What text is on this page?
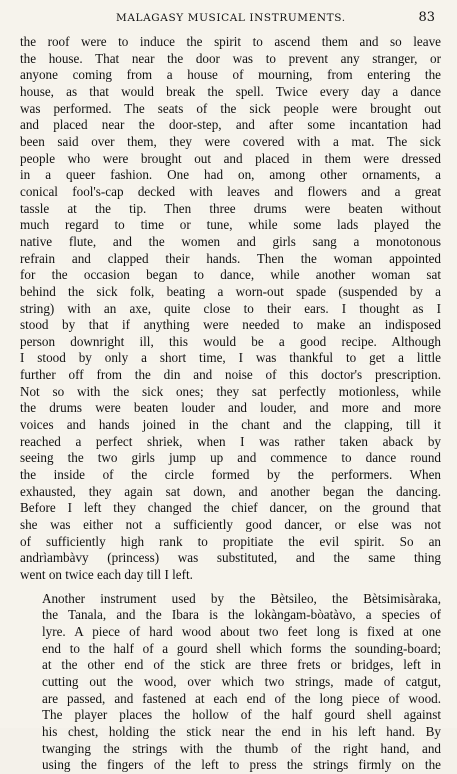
MALAGASY MUSICAL INSTRUMENTS.	83

the roof were to induce the spirit to ascend them and so leave
the house. That near the door was to prevent any stranger, or
anyone coming from a house of mourning, from entering the
house, as that would break the spell. Twice every day a dance
was performed. The seats of the sick people were brought out
and placed near the door-step, and after some incantation had
been said over them, they were covered with a mat. The sick
people who were brought out and placed in them were dressed
in a queer fashion. One had on, among other ornaments, a
conical fool's-cap decked with leaves and flowers and a great
tassle at the tip. Then three drums were beaten without
much regard to time or tune, while some lads played the
native flute, and the women and girls sang a monotonous
refrain and clapped their hands. Then the woman appointed
for the occasion began to dance, while another woman sat
behind the sick folk, beating a worn-out spade (suspended by a
string) with an axe, quite close to their ears. I thought as I
stood by that if anything were needed to make an indisposed
person downright ill, this would be a good recipe. Although
I stood by only a short time, I was thankful to get a little
further off from the din and noise of this doctor's prescription.
Not so with the sick ones; they sat perfectly motionless, while
the drums were beaten louder and louder, and more and more
voices and hands joined in the chant and the clapping, till it
reached a perfect shriek, when I was rather taken aback by
seeing the two girls jump up and commence to dance round
the inside of the circle formed by the performers. When
exhausted, they again sat down, and another began the dancing.
Before I left they changed the chief dancer, on the ground that
she was either not a sufficiently good dancer, or else was not
of sufficiently high rank to propitiate the evil spirit. So an
andrìambàvy (princess) was substituted, and the same thing
went on twice each day till I left.

Another instrument used by the Bètsileo, the Bètsimisàraka,
the Tanala, and the Ibara is the lokàngam-bòatàvo, a species of
lyre. A piece of hard wood about two feet long is fixed at one
end to the half of a gourd shell which forms the sounding-board;
at the other end of the stick are three frets or bridges, left in
cutting out the wood, over which two strings, made of catgut,
are passed, and fastened at each end of the long piece of wood.
The player places the hollow of the half gourd shell against
his chest, holding the stick near the end in his left hand. By
twanging the strings with the thumb of the right hand, and
using the fingers of the left to press the strings firmly on the
